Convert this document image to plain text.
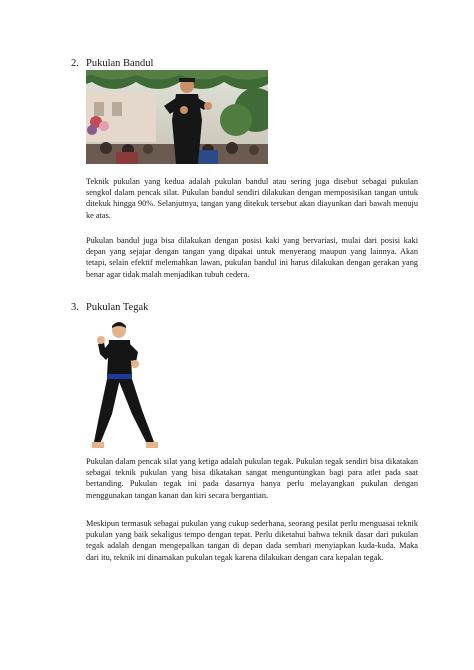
2. Pukulan Bandul

Teknik pukulan yang kedua adalah pukulan bandul atau sering juga disebut sebagai pukulan sengkol dalam pencak silat. Pukulan bandul sendiri dilakukan dengan memposisikan tangan untuk ditekuk hingga 90%. Selanjutnya, tangan yang ditekuk tersebut akan diayunkan dari bawah menuju ke atas.

Pukulan bandul juga bisa dilakukan dengan posisi kaki yang bervariasi, mulai dari posisi kaki depan yang sejajar dengan tangan yang dipakai untuk menyerang maupun yang lainnya. Akan tetapi, selain efektif melemahkan lawan, pukulan bandul ini harus dilakukan dengan gerakan yang benar agar tidak malah menjadikan tubuh cedera.

3. Pukulan Tegak

Pukulan dalam pencak silat yang ketiga adalah pukulan tegak. Pukulan tegak sendiri bisa dikatakan sebagai teknik pukulan yang bisa dikatakan sangat menguntungkan bagi para atlet pada saat bertanding. Pukulan tegak ini pada dasarnya hanya perlu melayangkan pukulan dengan menggunakan tangan kanan dan kiri secara bergantian.

Meskipun termasuk sebagai pukulan yang cukup sederhana, seorang pesilat perlu menguasai teknik pukulan yang baik sekaligus tempo dengan tepat. Perlu diketahui bahwa teknik dasar dari pukulan tegak adalah dengan mengepalkan tangan di depan dada sembari menyiapkan kuda-kuda. Maka dari itu, teknik ini dinamakan pukulan tegak karena dilakukan dengan cara kepalan tegak.
